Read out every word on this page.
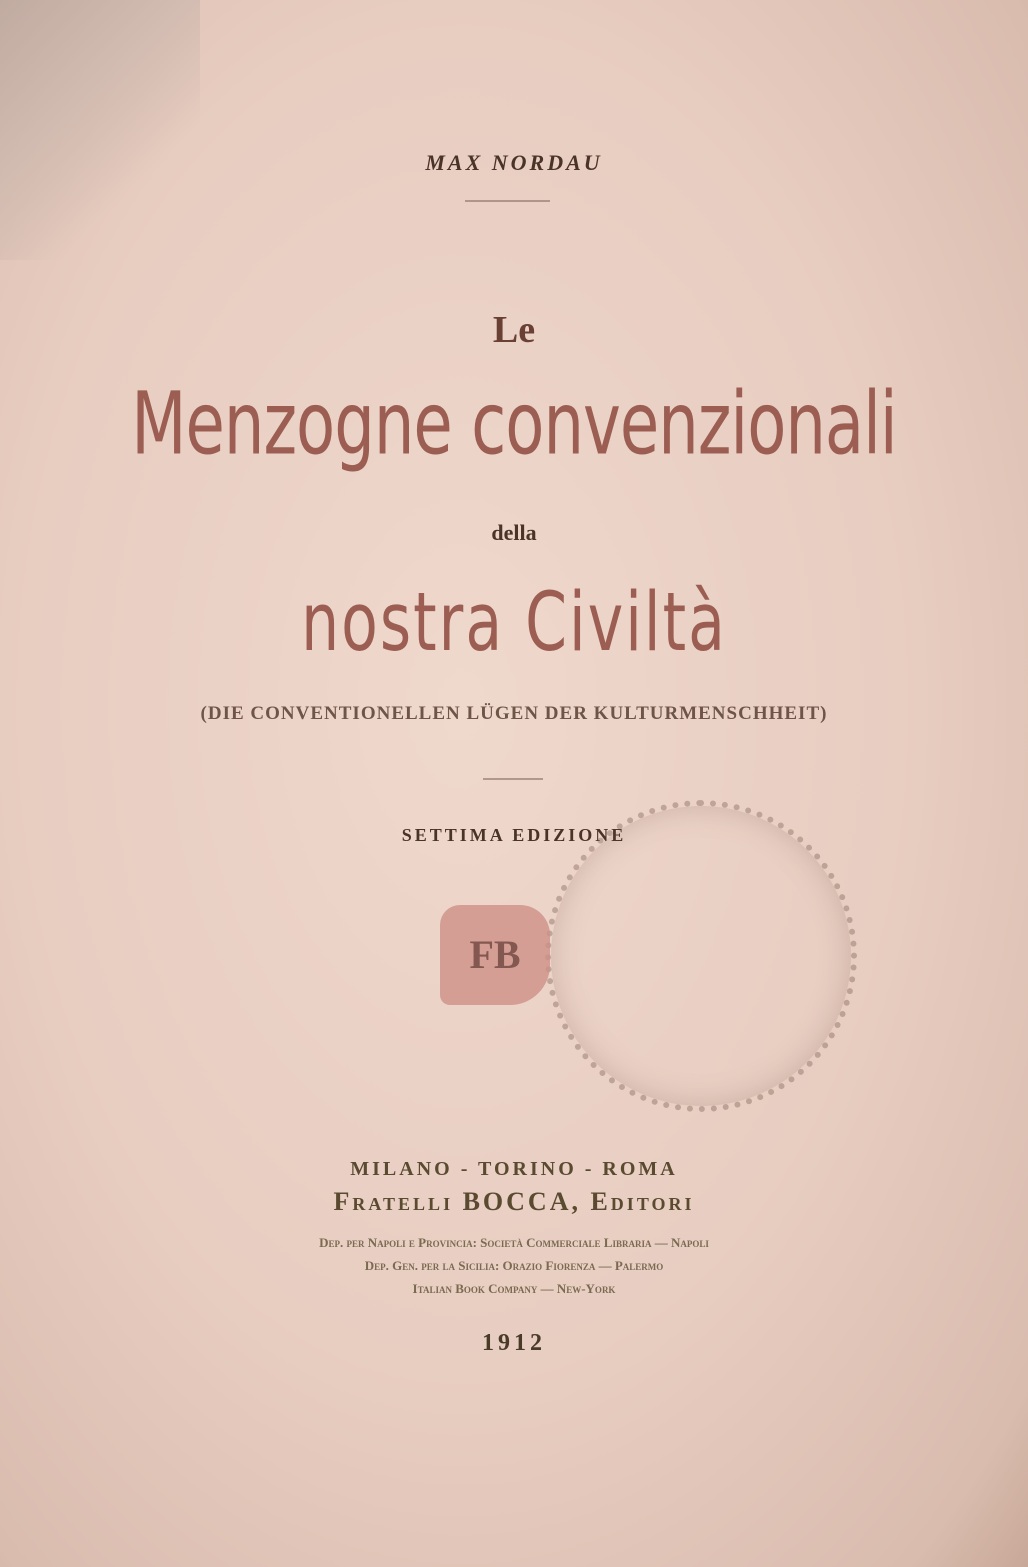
MAX NORDAU
Le
Menzogne convenzionali
della
nostra Civiltà
(DIE CONVENTIONELLEN LÜGEN DER KULTURMENSCHHEIT)
SETTIMA EDIZIONE
FB
MILANO - TORINO - ROMA
Fratelli BOCCA, Editori
Dep. per Napoli e Provincia: Società Commerciale Libraria — Napoli
Dep. Gen. per la Sicilia: Orazio Fiorenza — Palermo
Italian Book Company — New-York
1912
